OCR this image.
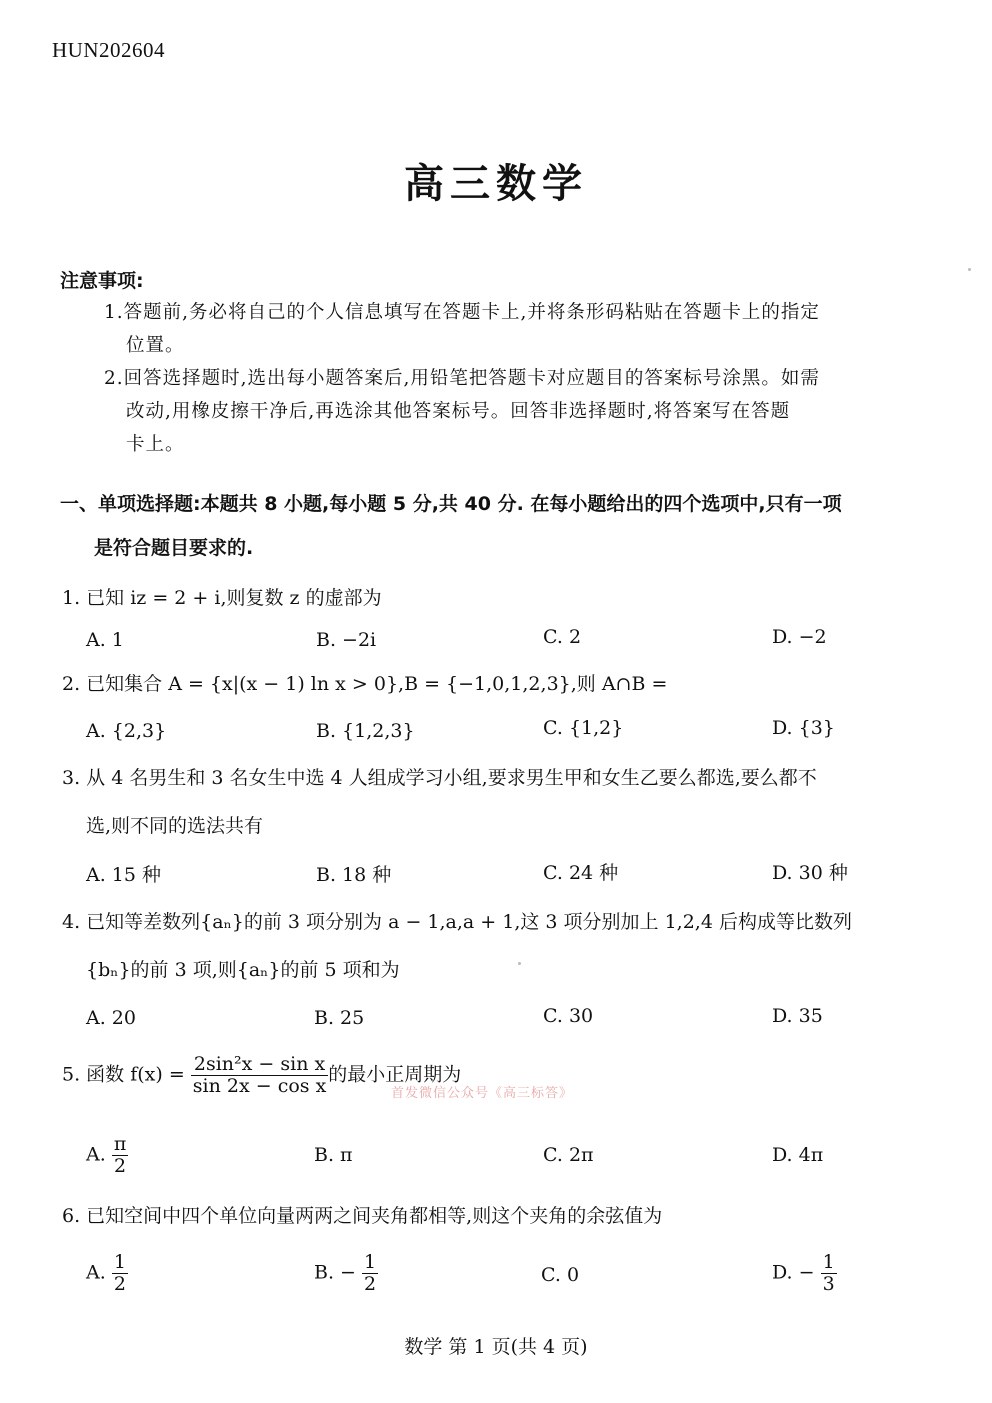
HUN202604
高三数学
注意事项:
1.答题前,务必将自己的个人信息填写在答题卡上,并将条形码粘贴在答题卡上的指定
位置。
2.回答选择题时,选出每小题答案后,用铅笔把答题卡对应题目的答案标号涂黑。如需
改动,用橡皮擦干净后,再选涂其他答案标号。回答非选择题时,将答案写在答题
卡上。
一、单项选择题:本题共 8 小题,每小题 5 分,共 40 分. 在每小题给出的四个选项中,只有一项
是符合题目要求的.
1. 已知 iz = 2 + i,则复数 z 的虚部为
A. 1	B. −2i	C. 2	D. −2
2. 已知集合 A = {x|(x − 1) ln x > 0},B = {−1,0,1,2,3},则 A∩B =
A. {2,3}	B. {1,2,3}	C. {1,2}	D. {3}
3. 从 4 名男生和 3 名女生中选 4 人组成学习小组,要求男生甲和女生乙要么都选,要么都不
选,则不同的选法共有
A. 15 种	B. 18 种	C. 24 种	D. 30 种
4. 已知等差数列{aₙ}的前 3 项分别为 a − 1,a,a + 1,这 3 项分别加上 1,2,4 后构成等比数列
{bₙ}的前 3 项,则{aₙ}的前 5 项和为
A. 20	B. 25	C. 30	D. 35
5. 函数 $f(x) = \frac{\text{2sin²x − sin x}}{\text{sin 2x − cos x}}$ 的最小正周期为
A. $\frac{\pi}{2}$	B. π	C. 2π	D. 4π
6. 已知空间中四个单位向量两两之间夹角都相等,则这个夹角的余弦值为
A. $\frac{1}{2}$	B. − $\frac{1}{2}$	C. 0	D. − $\frac{1}{3}$
首发微信公众号《高三标答》
数学 第 1 页(共 4 页)
